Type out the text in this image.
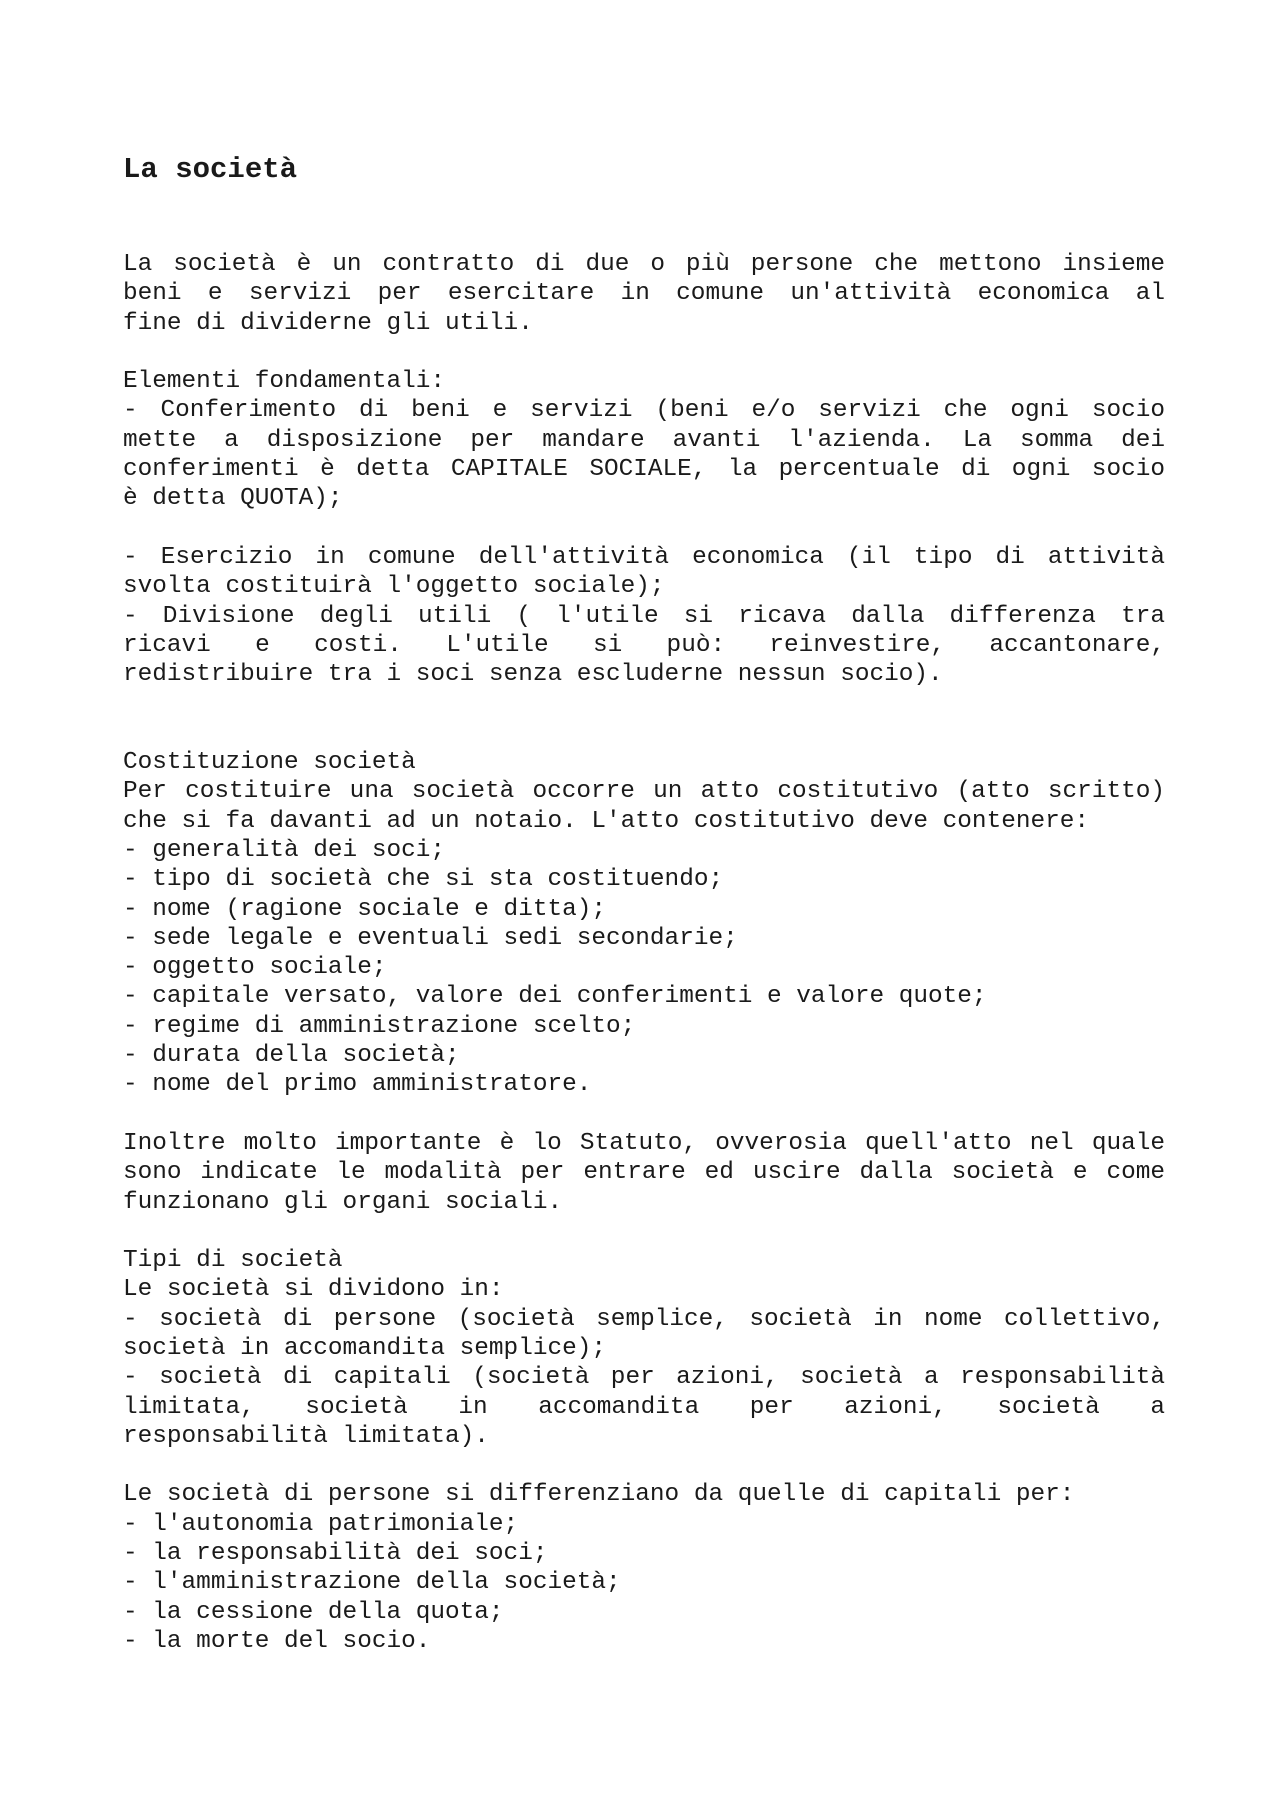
La società
La società è un contratto di due o più persone che mettono insieme
beni e servizi per esercitare in comune un'attività economica al
fine di dividerne gli utili.
Elementi fondamentali:
- Conferimento di beni e servizi (beni e/o servizi che ogni socio
mette a disposizione per mandare avanti l'azienda. La somma dei
conferimenti è detta CAPITALE SOCIALE, la percentuale di ogni socio
è detta QUOTA);
- Esercizio in comune dell'attività economica (il tipo di attività
svolta costituirà l'oggetto sociale);
- Divisione degli utili ( l'utile si ricava dalla differenza tra
ricavi e costi. L'utile si può: reinvestire, accantonare,
redistribuire tra i soci senza escluderne nessun socio).
Costituzione società
Per costituire una società occorre un atto costitutivo (atto scritto)
che si fa davanti ad un notaio. L'atto costitutivo deve contenere:
- generalità dei soci;
- tipo di società che si sta costituendo;
- nome (ragione sociale e ditta);
- sede legale e eventuali sedi secondarie;
- oggetto sociale;
- capitale versato, valore dei conferimenti e valore quote;
- regime di amministrazione scelto;
- durata della società;
- nome del primo amministratore.
Inoltre molto importante è lo Statuto, ovverosia quell'atto nel quale
sono indicate le modalità per entrare ed uscire dalla società e come
funzionano gli organi sociali.
Tipi di società
Le società si dividono in:
- società di persone (società semplice, società in nome collettivo,
società in accomandita semplice);
- società di capitali (società per azioni, società a responsabilità
limitata, società in accomandita per azioni, società a
responsabilità limitata).
Le società di persone si differenziano da quelle di capitali per:
- l'autonomia patrimoniale;
- la responsabilità dei soci;
- l'amministrazione della società;
- la cessione della quota;
- la morte del socio.
